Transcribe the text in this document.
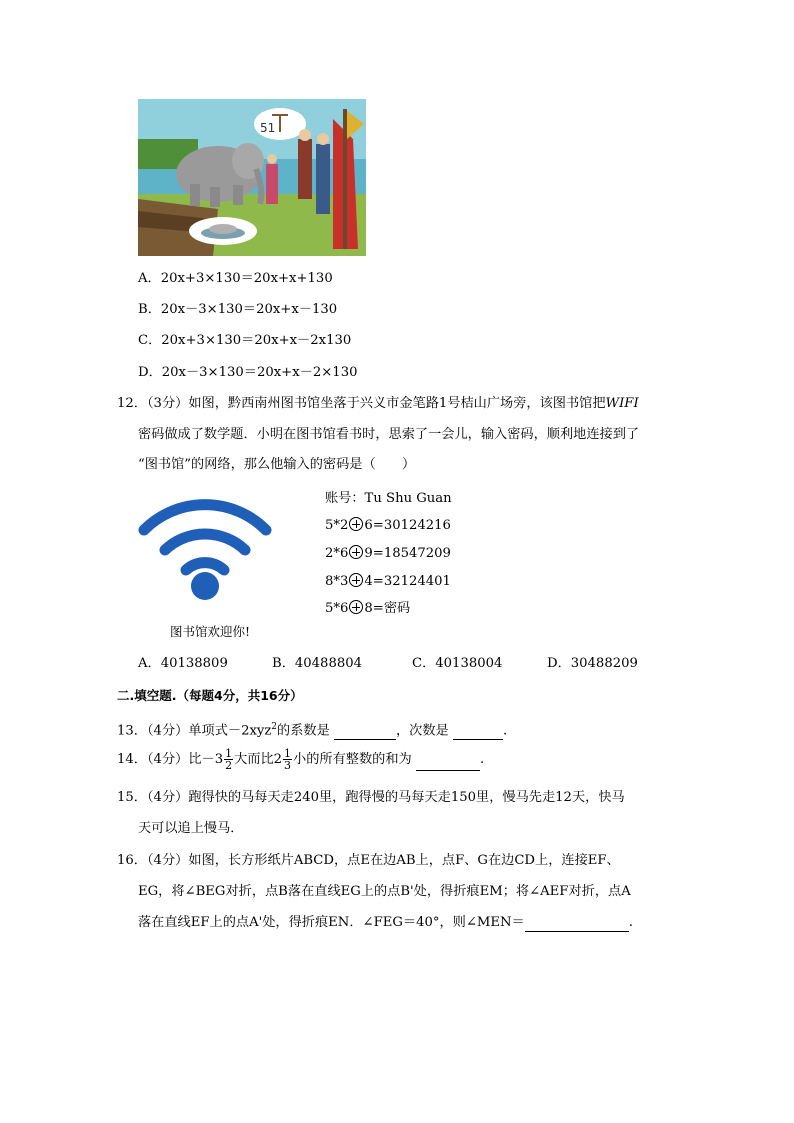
51
A．20x+3×130＝20x+x+130
B．20x－3×130＝20x+x－130
C．20x+3×130＝20x+x－2x130
D．20x－3×130＝20x+x－2×130
12．（3分）如图，黔西南州图书馆坐落于兴义市金笔路1号桔山广场旁，该图书馆把WIFI
密码做成了数学题．小明在图书馆看书时，思索了一会儿，输入密码，顺利地连接到了
“图书馆”的网络，那么他输入的密码是（　　）
图书馆欢迎你!
账号：Tu Shu Guan
5*2 6=30124216
2*6 9=18547209
8*3 4=32124401
5*6 8=密码
A．40138809	B．40488804	C．40138004	D．30488209
二.填空题.（每题4分，共16分）
13．（4分）单项式－2xyz$^2$的系数是	，次数是	.
14．（4分）比$-3 \frac{1}{2}$ 大而比$2 \frac{1}{3}$ 小的所有整数的和为	.
15．（4分）跑得快的马每天走240里，跑得慢的马每天走150里，慢马先走12天，快马
天可以追上慢马．
16．（4分）如图，长方形纸片ABCD，点E在边AB上，点F、G在边CD上，连接EF、
EG，将∠BEG对折，点B落在直线EG上的点B'处，得折痕EM；将∠AEF对折，点A
落在直线EF上的点A'处，得折痕EN．∠FEG＝40°，则∠MEN＝	.
